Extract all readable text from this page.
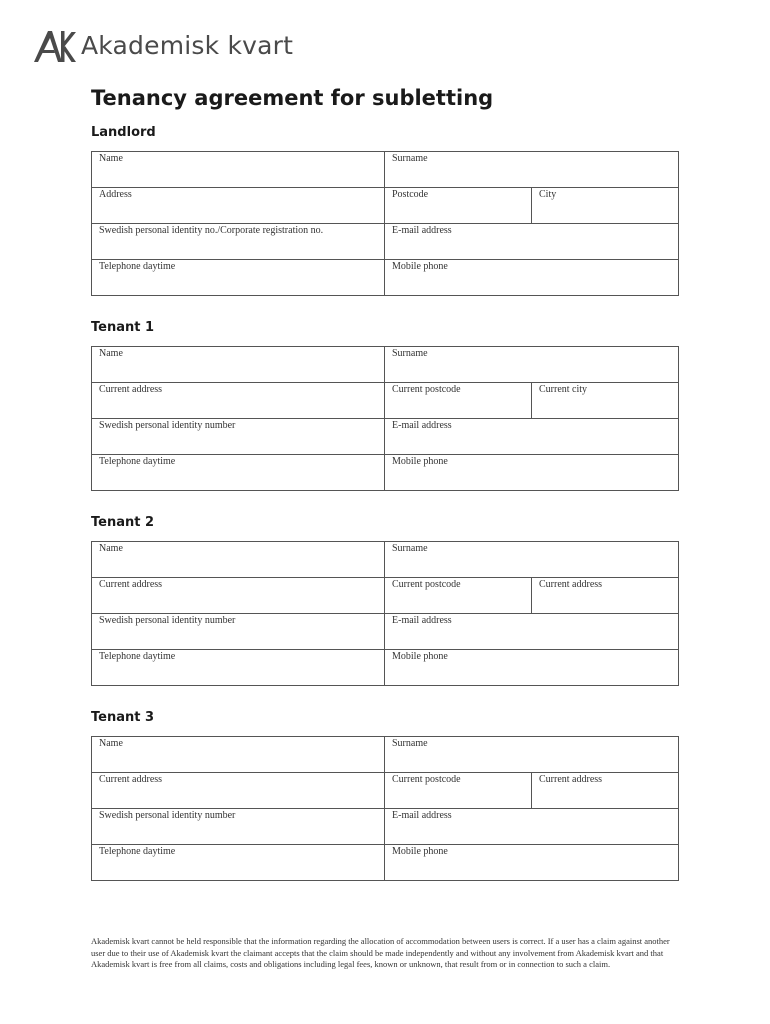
Akademisk kvart
Tenancy agreement for subletting
Landlord
Name	Surname	

Address	Postcode	City

Swedish personal identity no./Corporate registration no.	E-mail address	

Telephone daytime	Mobile phone	
Tenant 1
Name	Surname	

Current address	Current postcode	Current city

Swedish personal identity number	E-mail address	

Telephone daytime	Mobile phone	
Tenant 2
Name	Surname	

Current address	Current postcode	Current address

Swedish personal identity number	E-mail address	

Telephone daytime	Mobile phone	
Tenant 3
Name	Surname	

Current address	Current postcode	Current address

Swedish personal identity number	E-mail address	

Telephone daytime	Mobile phone	

Akademisk kvart cannot be held responsible that the information regarding the allocation of accommodation between users is correct. If a user has a claim against another user due to their use of Akademisk kvart the claimant accepts that the claim should be made independently and without any involvement from Akademisk kvart and that Akademisk kvart is free from all claims, costs and obligations including legal fees, known or unknown, that result from or in connection to such a claim.
